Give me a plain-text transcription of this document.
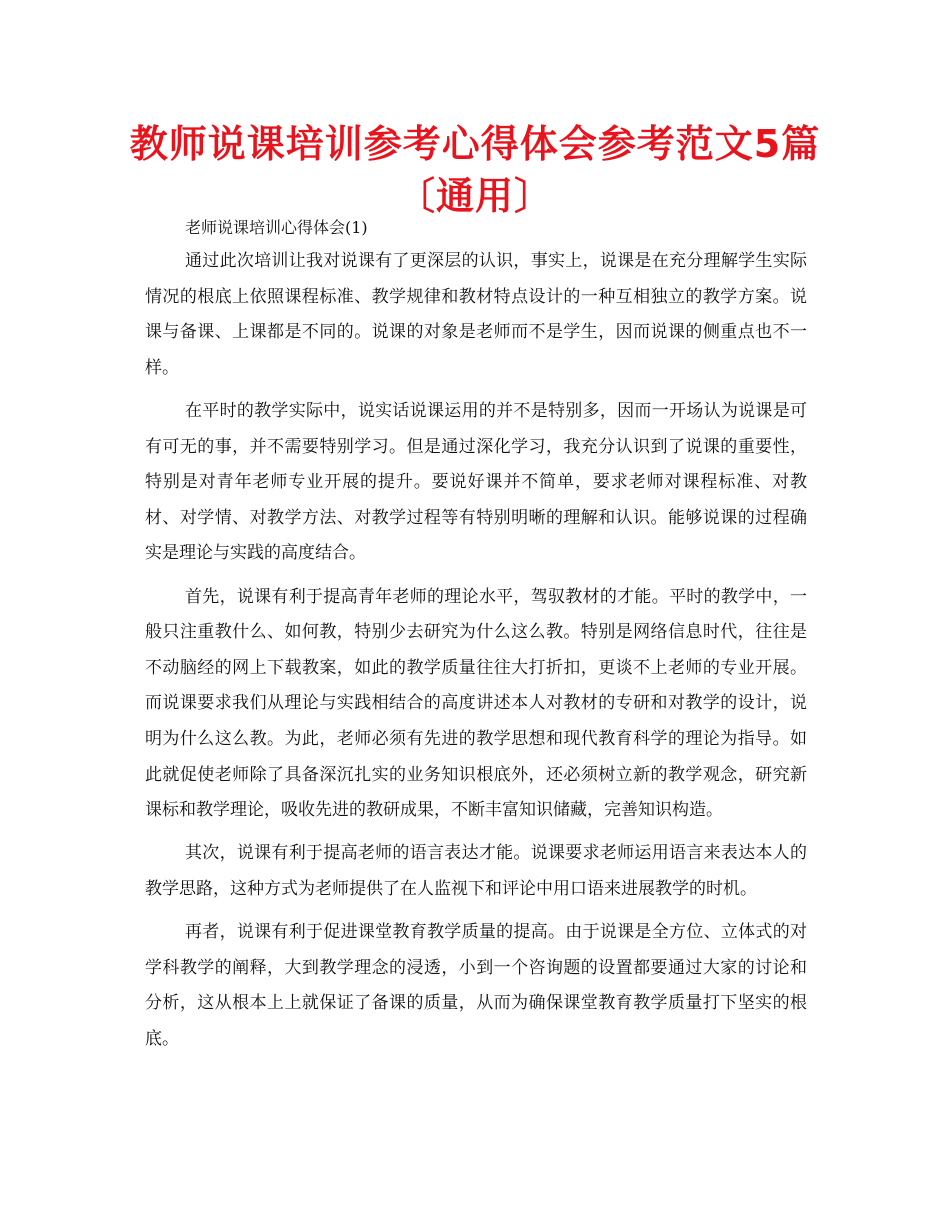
教师说课培训参考心得体会参考范文5篇〔通用〕
老师说课培训心得体会(1)

通过此次培训让我对说课有了更深层的认识，事实上，说课是在充分理解学生实际情况的根底上依照课程标准、教学规律和教材特点设计的一种互相独立的教学方案。说课与备课、上课都是不同的。说课的对象是老师而不是学生，因而说课的侧重点也不一样。

在平时的教学实际中，说实话说课运用的并不是特别多，因而一开场认为说课是可有可无的事，并不需要特别学习。但是通过深化学习，我充分认识到了说课的重要性，特别是对青年老师专业开展的提升。要说好课并不简单，要求老师对课程标准、对教材、对学情、对教学方法、对教学过程等有特别明晰的理解和认识。能够说课的过程确实是理论与实践的高度结合。

首先，说课有利于提高青年老师的理论水平，驾驭教材的才能。平时的教学中，一般只注重教什么、如何教，特别少去研究为什么这么教。特别是网络信息时代，往往是不动脑经的网上下载教案，如此的教学质量往往大打折扣，更谈不上老师的专业开展。而说课要求我们从理论与实践相结合的高度讲述本人对教材的专研和对教学的设计，说明为什么这么教。为此，老师必须有先进的教学思想和现代教育科学的理论为指导。如此就促使老师除了具备深沉扎实的业务知识根底外，还必须树立新的教学观念，研究新课标和教学理论，吸收先进的教研成果，不断丰富知识储藏，完善知识构造。

其次，说课有利于提高老师的语言表达才能。说课要求老师运用语言来表达本人的教学思路，这种方式为老师提供了在人监视下和评论中用口语来进展教学的时机。

再者，说课有利于促进课堂教育教学质量的提高。由于说课是全方位、立体式的对学科教学的阐释，大到教学理念的浸透，小到一个咨询题的设置都要通过大家的讨论和分析，这从根本上上就保证了备课的质量，从而为确保课堂教育教学质量打下坚实的根底。
